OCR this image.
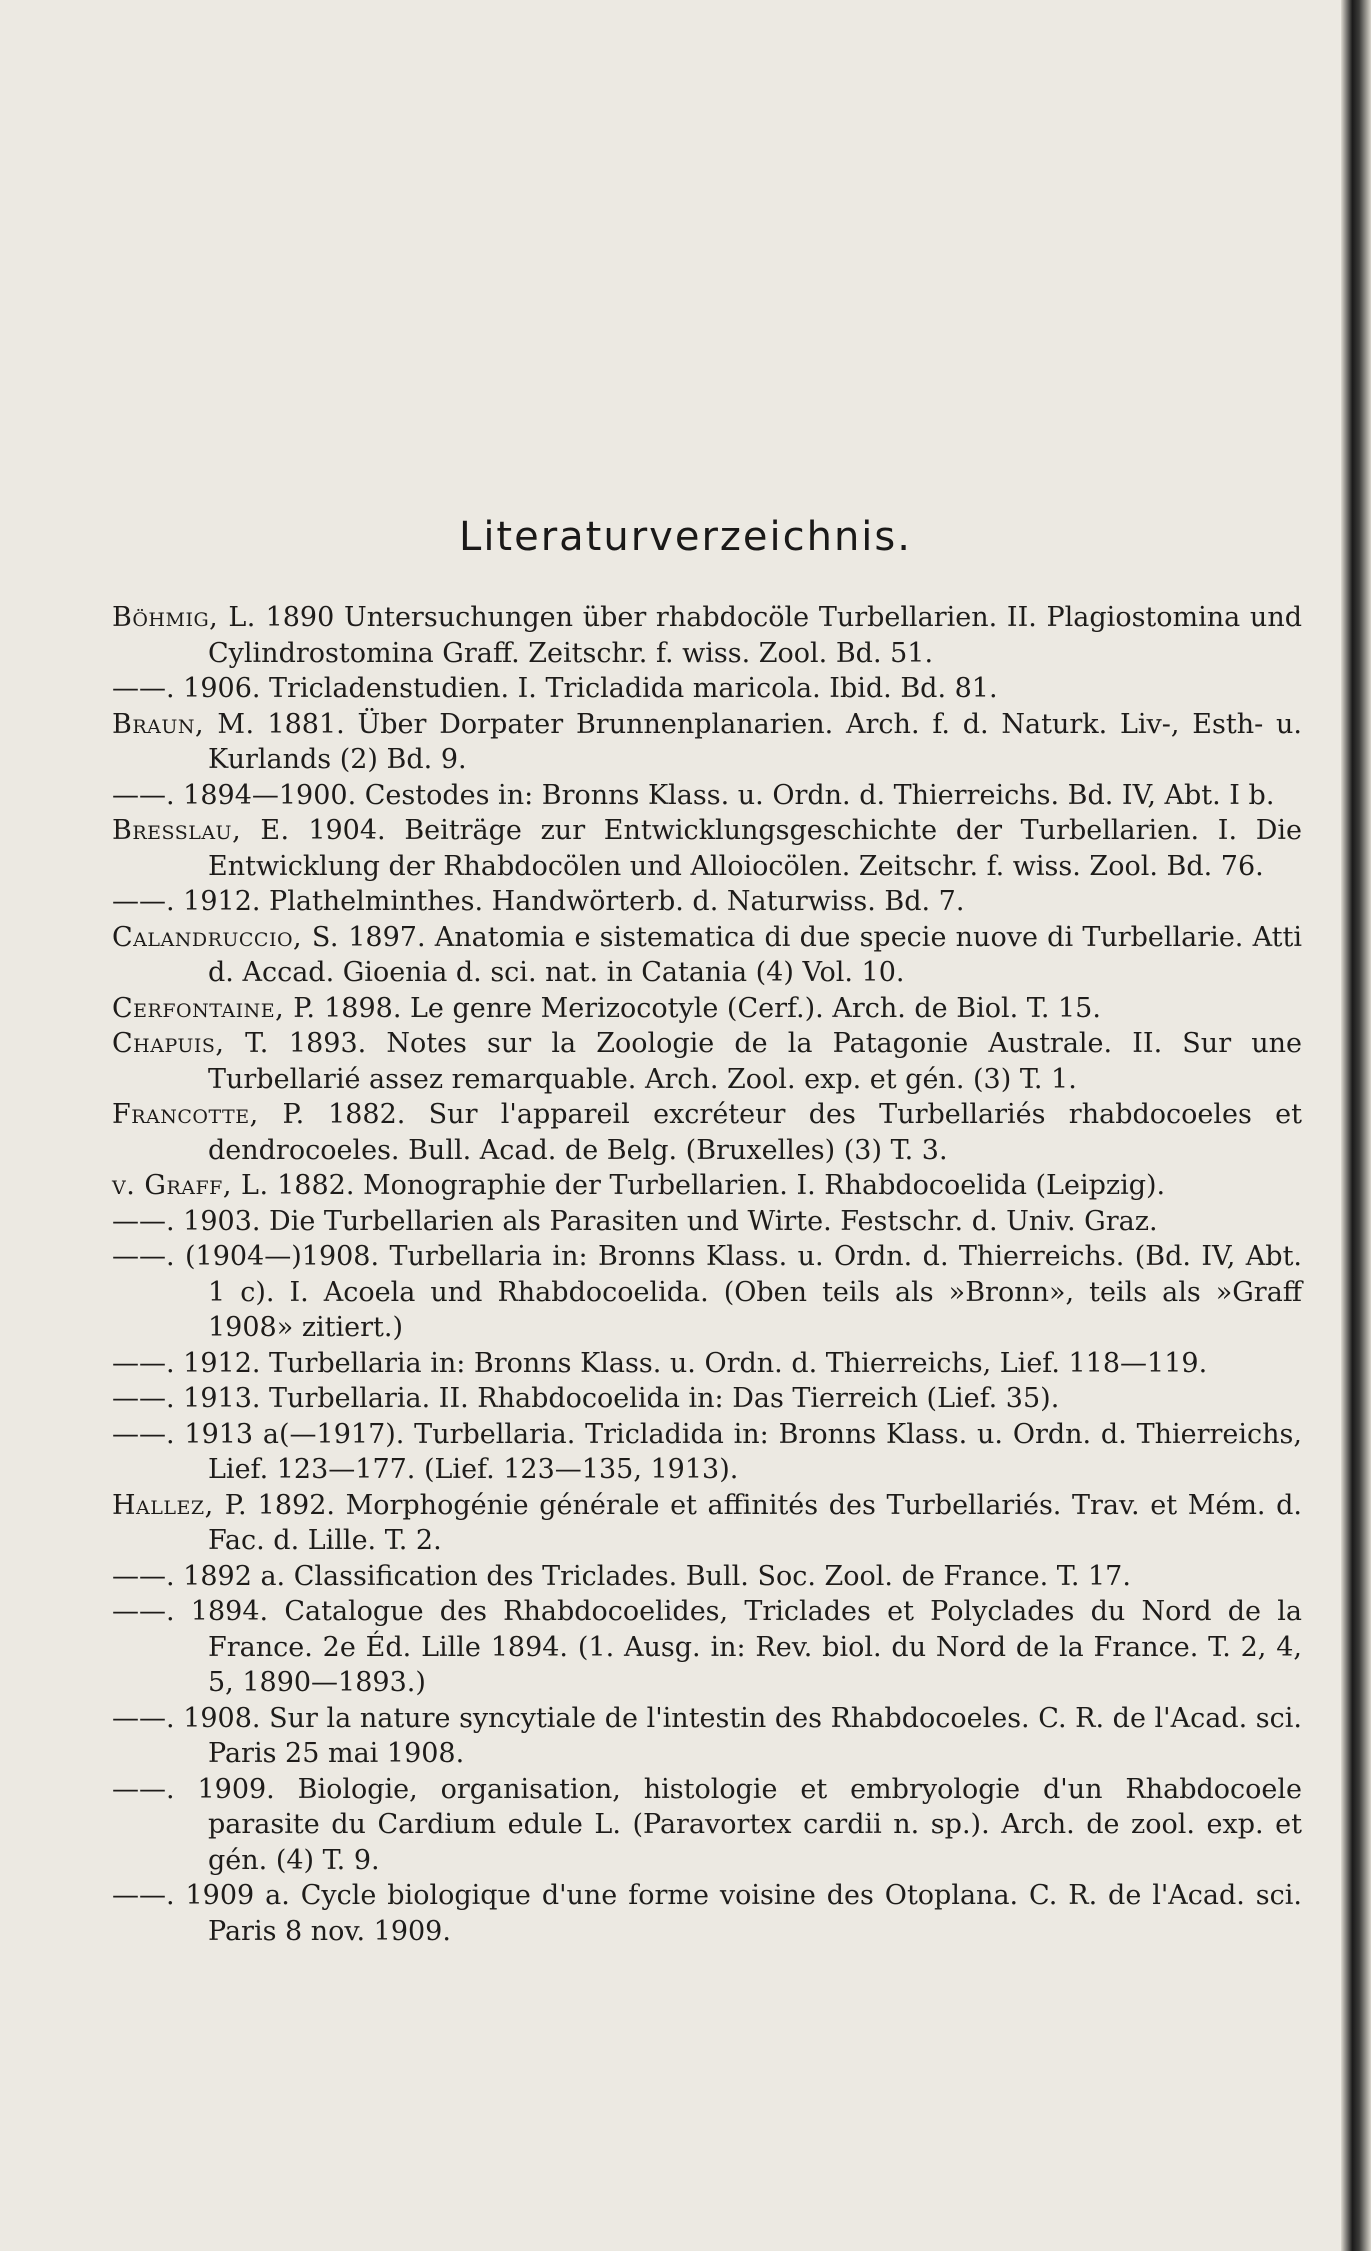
Literaturverzeichnis.
Böhmig, L. 1890 Untersuchungen über rhabdocöle Turbellarien. II. Plagiostomina und Cylindrostomina Graff. Zeitschr. f. wiss. Zool. Bd. 51.
——. 1906. Tricladenstudien. I. Tricladida maricola. Ibid. Bd. 81.
Braun, M. 1881. Über Dorpater Brunnenplanarien. Arch. f. d. Naturk. Liv-, Esth- u. Kurlands (2) Bd. 9.
——. 1894—1900. Cestodes in: Bronns Klass. u. Ordn. d. Thierreichs. Bd. IV, Abt. I b.
Bresslau, E. 1904. Beiträge zur Entwicklungsgeschichte der Turbellarien. I. Die Entwicklung der Rhabdocölen und Alloiocölen. Zeitschr. f. wiss. Zool. Bd. 76.
——. 1912. Plathelminthes. Handwörterb. d. Naturwiss. Bd. 7.
Calandruccio, S. 1897. Anatomia e sistematica di due specie nuove di Turbellarie. Atti d. Accad. Gioenia d. sci. nat. in Catania (4) Vol. 10.
Cerfontaine, P. 1898. Le genre Merizocotyle (Cerf.). Arch. de Biol. T. 15.
Chapuis, T. 1893. Notes sur la Zoologie de la Patagonie Australe. II. Sur une Turbellarié assez remarquable. Arch. Zool. exp. et gén. (3) T. 1.
Francotte, P. 1882. Sur l'appareil excréteur des Turbellariés rhabdocoeles et dendrocoeles. Bull. Acad. de Belg. (Bruxelles) (3) T. 3.
v. Graff, L. 1882. Monographie der Turbellarien. I. Rhabdocoelida (Leipzig).
——. 1903. Die Turbellarien als Parasiten und Wirte. Festschr. d. Univ. Graz.
——. (1904—)1908. Turbellaria in: Bronns Klass. u. Ordn. d. Thierreichs. (Bd. IV, Abt. 1 c). I. Acoela und Rhabdocoelida. (Oben teils als »Bronn», teils als »Graff 1908» zitiert.)
——. 1912. Turbellaria in: Bronns Klass. u. Ordn. d. Thierreichs, Lief. 118—119.
——. 1913. Turbellaria. II. Rhabdocoelida in: Das Tierreich (Lief. 35).
——. 1913 a(—1917). Turbellaria. Tricladida in: Bronns Klass. u. Ordn. d. Thierreichs, Lief. 123—177. (Lief. 123—135, 1913).
Hallez, P. 1892. Morphogénie générale et affinités des Turbellariés. Trav. et Mém. d. Fac. d. Lille. T. 2.
——. 1892 a. Classification des Triclades. Bull. Soc. Zool. de France. T. 17.
——. 1894. Catalogue des Rhabdocoelides, Triclades et Polyclades du Nord de la France. 2e Éd. Lille 1894. (1. Ausg. in: Rev. biol. du Nord de la France. T. 2, 4, 5, 1890—1893.)
——. 1908. Sur la nature syncytiale de l'intestin des Rhabdocoeles. C. R. de l'Acad. sci. Paris 25 mai 1908.
——. 1909. Biologie, organisation, histologie et embryologie d'un Rhabdocoele parasite du Cardium edule L. (Paravortex cardii n. sp.). Arch. de zool. exp. et gén. (4) T. 9.
——. 1909 a. Cycle biologique d'une forme voisine des Otoplana. C. R. de l'Acad. sci. Paris 8 nov. 1909.
